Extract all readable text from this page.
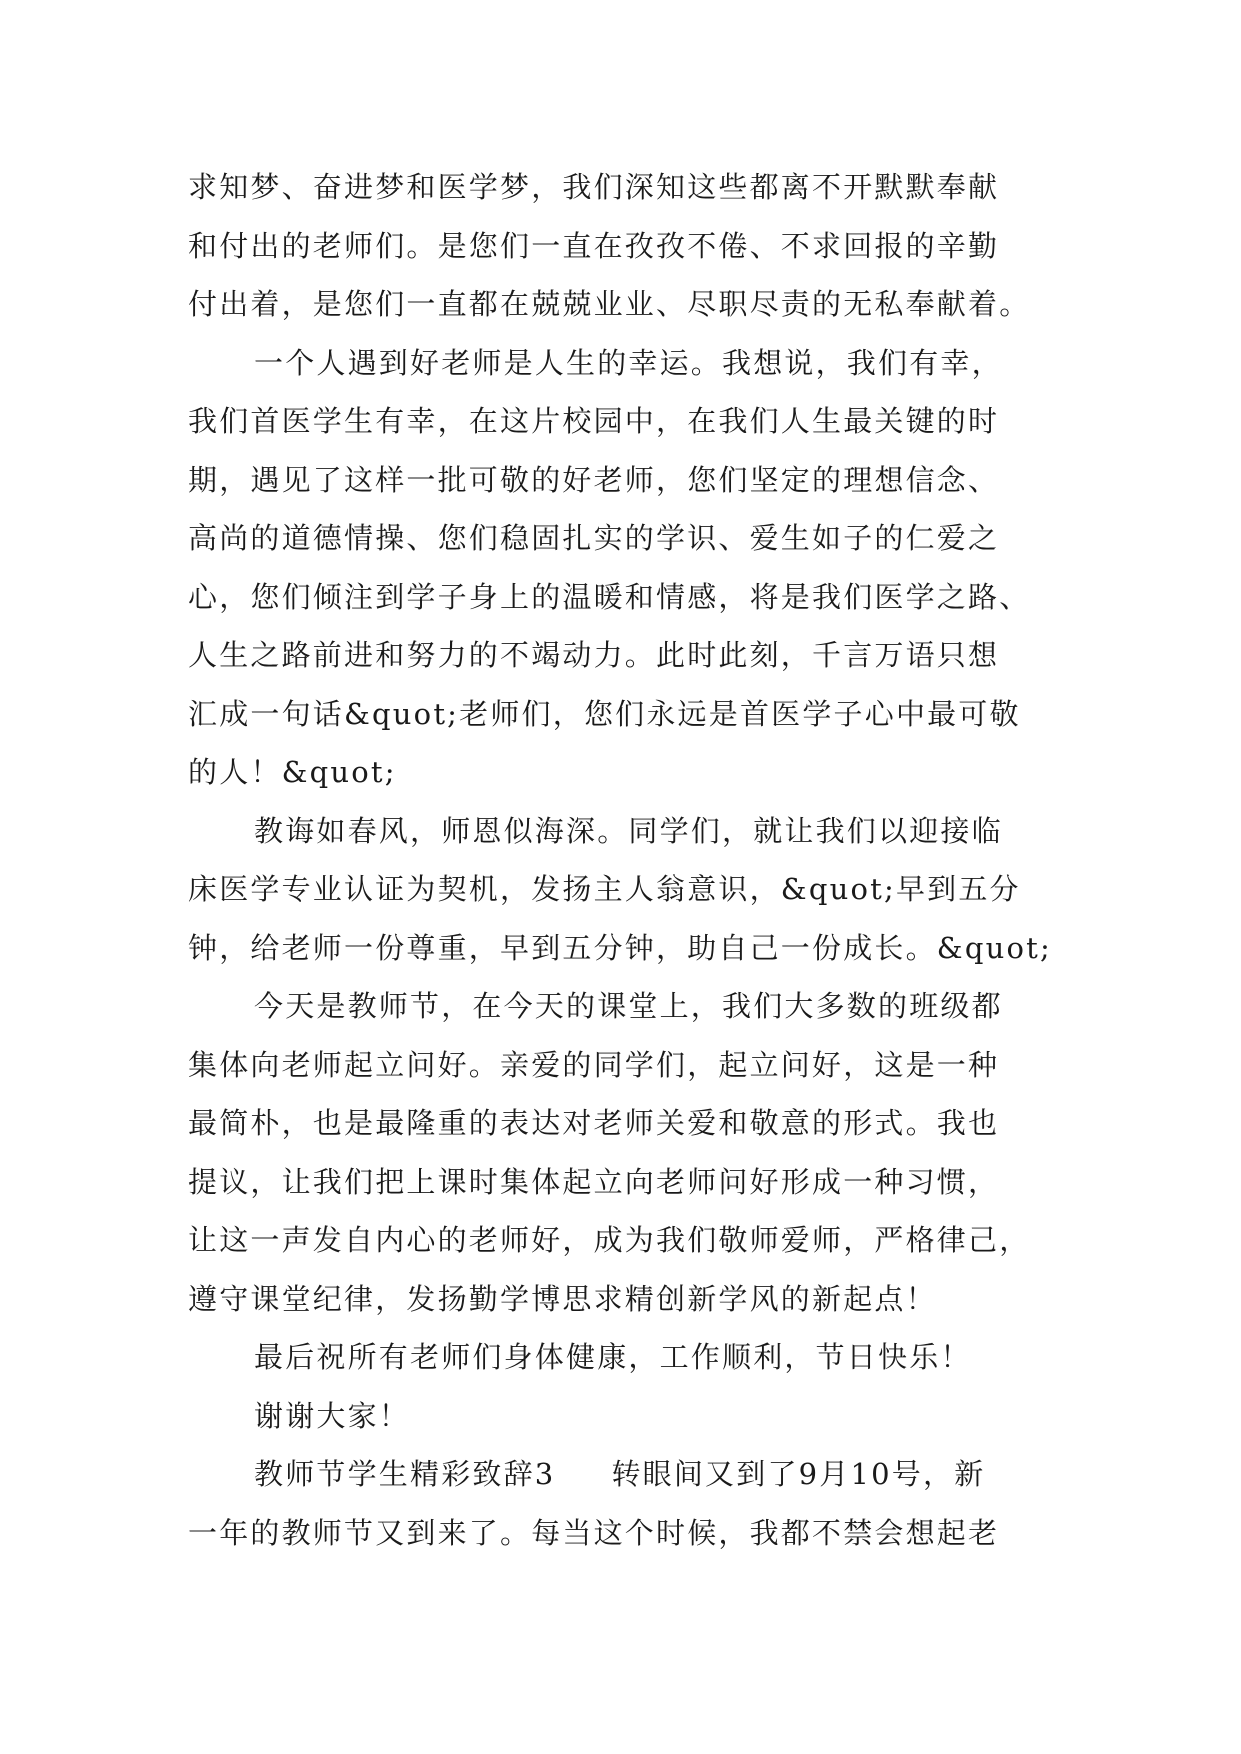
求知梦、奋进梦和医学梦，我们深知这些都离不开默默奉献
和付出的老师们。是您们一直在孜孜不倦、不求回报的辛勤
付出着，是您们一直都在兢兢业业、尽职尽责的无私奉献着。
一个人遇到好老师是人生的幸运。我想说，我们有幸，
我们首医学生有幸，在这片校园中，在我们人生最关键的时
期，遇见了这样一批可敬的好老师，您们坚定的理想信念、
高尚的道德情操、您们稳固扎实的学识、爱生如子的仁爱之
心，您们倾注到学子身上的温暖和情感，将是我们医学之路、
人生之路前进和努力的不竭动力。此时此刻，千言万语只想
汇成一句话&quot;老师们，您们永远是首医学子心中最可敬
的人！&quot;
教诲如春风，师恩似海深。同学们，就让我们以迎接临
床医学专业认证为契机，发扬主人翁意识，&quot;早到五分
钟，给老师一份尊重，早到五分钟，助自己一份成长。&quot;
今天是教师节，在今天的课堂上，我们大多数的班级都
集体向老师起立问好。亲爱的同学们，起立问好，这是一种
最简朴，也是最隆重的表达对老师关爱和敬意的形式。我也
提议，让我们把上课时集体起立向老师问好形成一种习惯，
让这一声发自内心的老师好，成为我们敬师爱师，严格律己，
遵守课堂纪律，发扬勤学博思求精创新学风的新起点！
最后祝所有老师们身体健康，工作顺利，节日快乐！
谢谢大家！
教师节学生精彩致辞3 转眼间又到了9月10号，新
一年的教师节又到来了。每当这个时候，我都不禁会想起老
